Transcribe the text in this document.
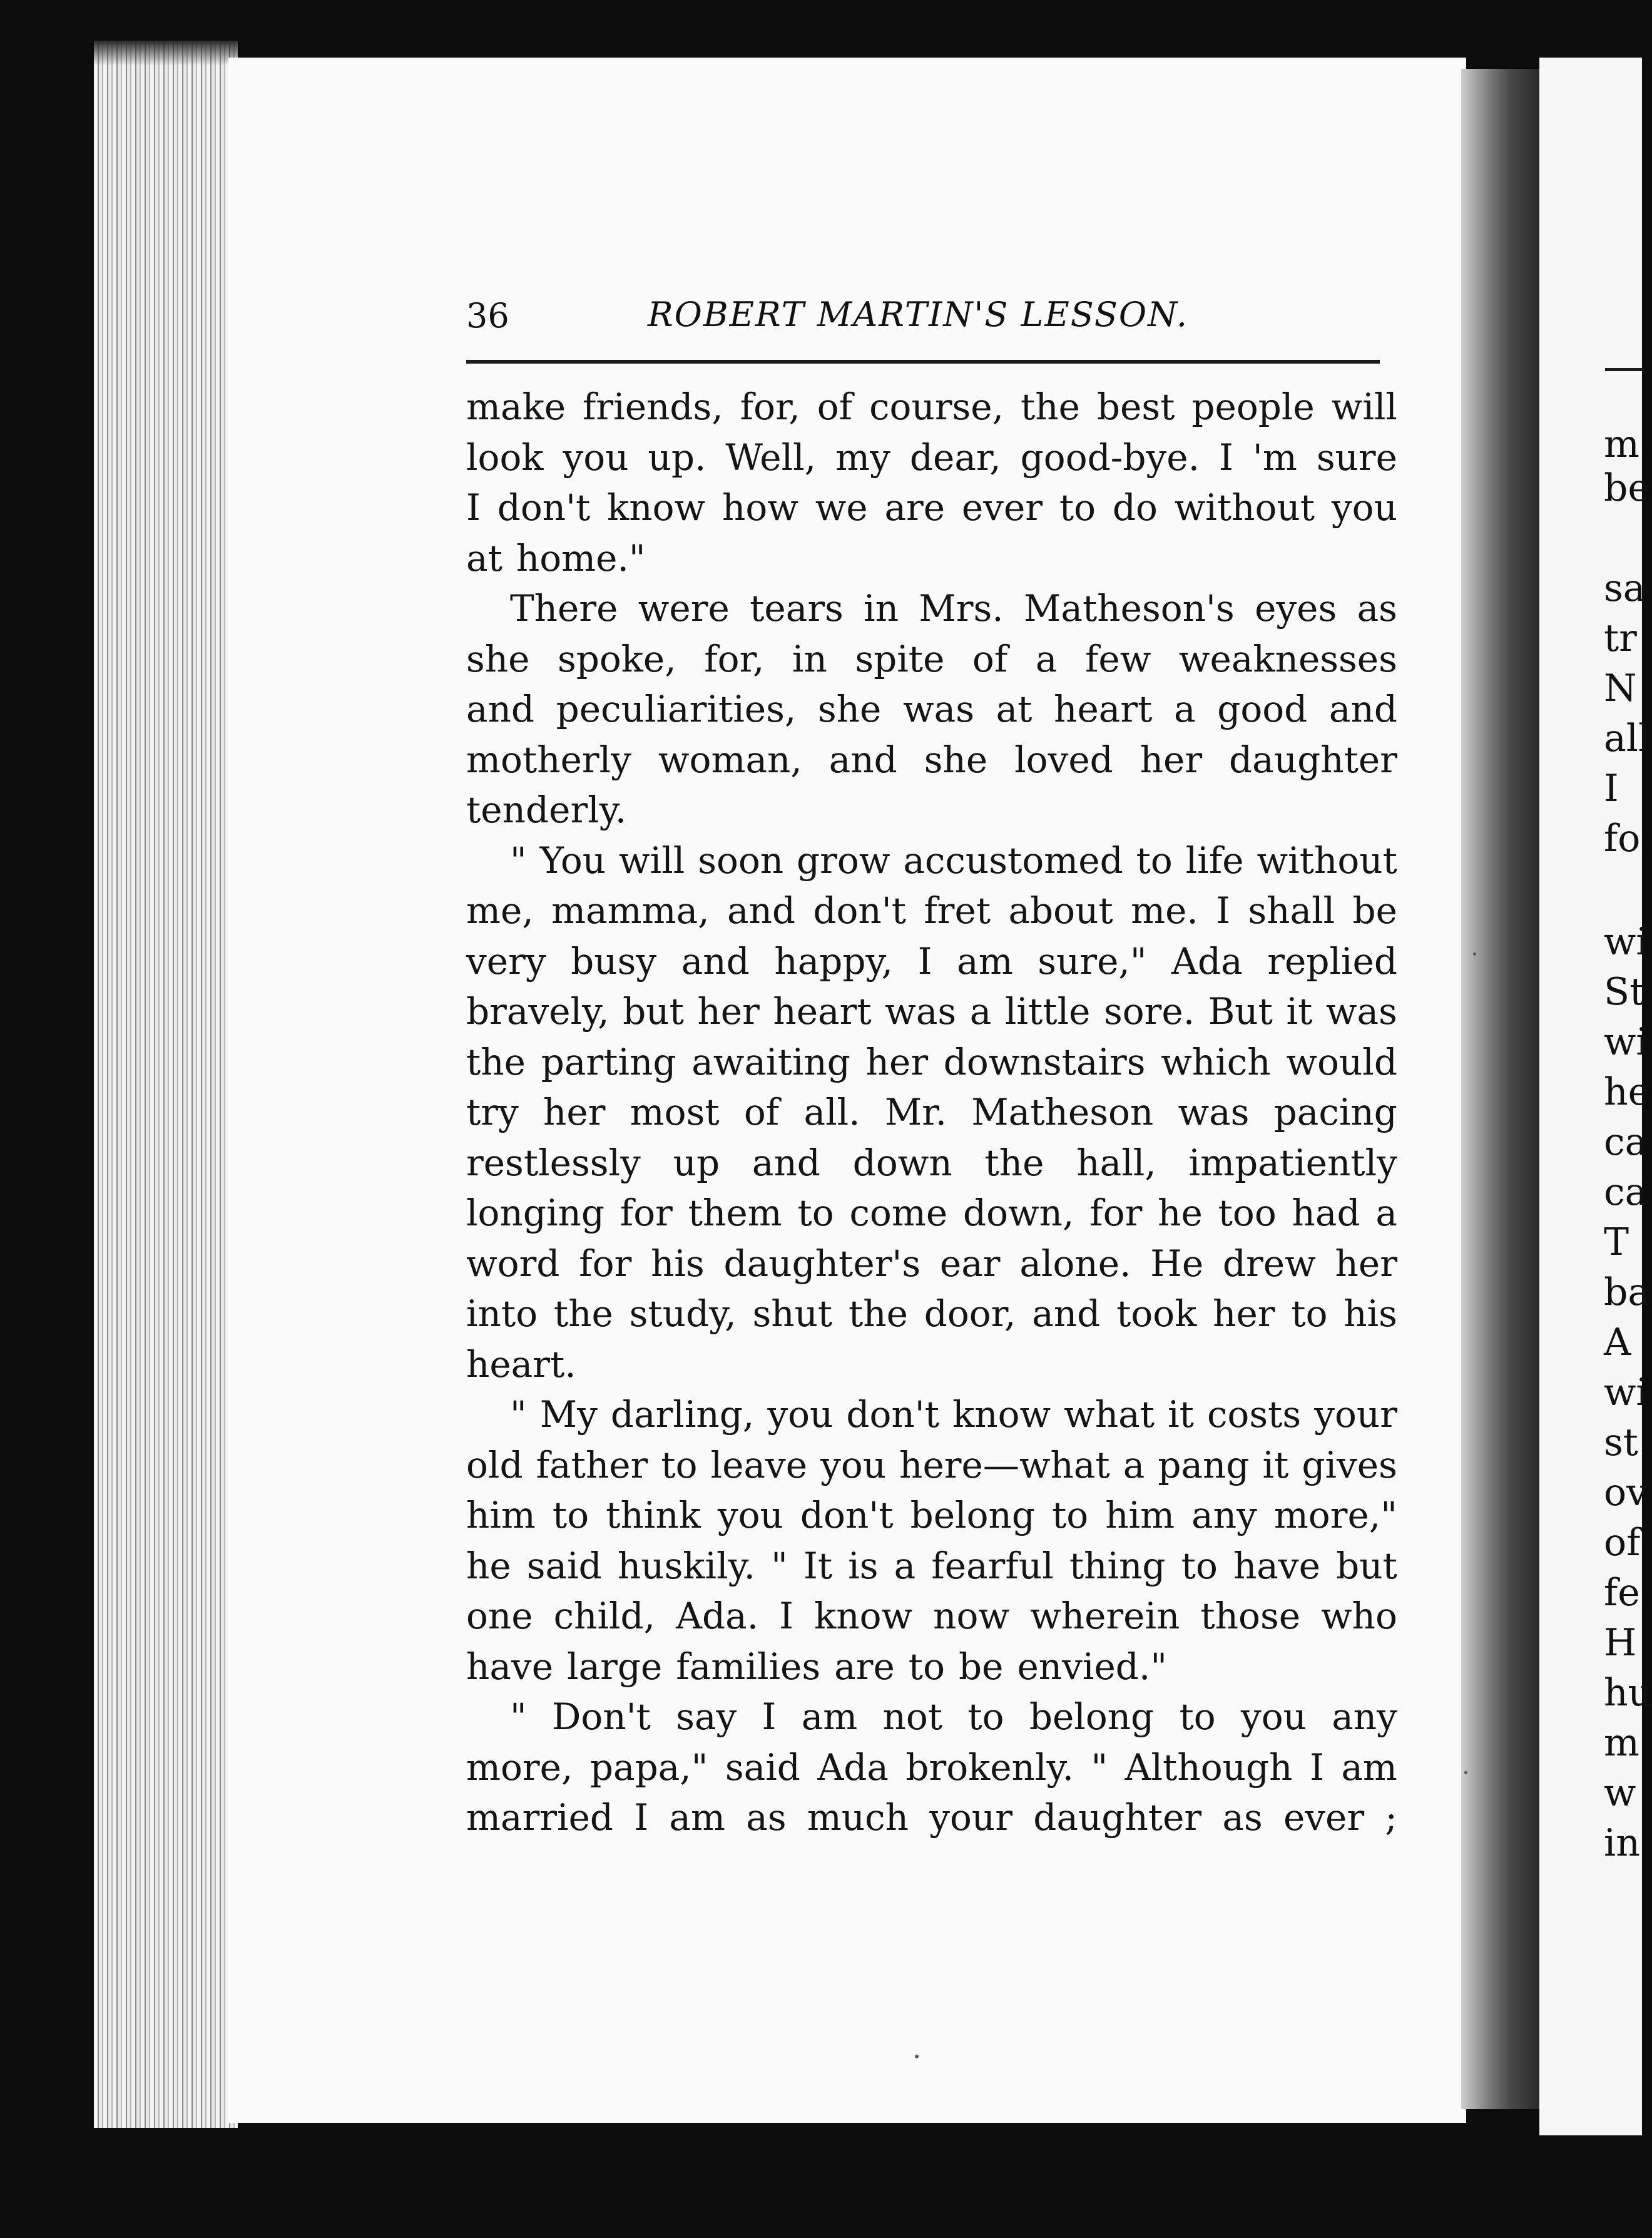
m
be
sa
tr
N
all
I
fo
wi
St
wi
he
ca
ca
T
ba
A
wi
st
ov
of
fe
H
hu
m
w
in
36	ROBERT MARTIN'S LESSON.
make friends, for, of course, the best people will
look you up. Well, my dear, good-bye. I 'm sure
I don't know how we are ever to do without you
at home."
There were tears in Mrs. Matheson's eyes as
she spoke, for, in spite of a few weaknesses
and peculiarities, she was at heart a good and
motherly woman, and she loved her daughter
tenderly.
" You will soon grow accustomed to life without
me, mamma, and don't fret about me. I shall be
very busy and happy, I am sure," Ada replied
bravely, but her heart was a little sore. But it was
the parting awaiting her downstairs which would
try her most of all. Mr. Matheson was pacing
restlessly up and down the hall, impatiently
longing for them to come down, for he too had a
word for his daughter's ear alone. He drew her
into the study, shut the door, and took her to his
heart.
" My darling, you don't know what it costs your
old father to leave you here—what a pang it gives
him to think you don't belong to him any more,"
he said huskily. " It is a fearful thing to have but
one child, Ada. I know now wherein those who
have large families are to be envied."
" Don't say I am not to belong to you any
more, papa," said Ada brokenly. " Although I am
married I am as much your daughter as ever ;
